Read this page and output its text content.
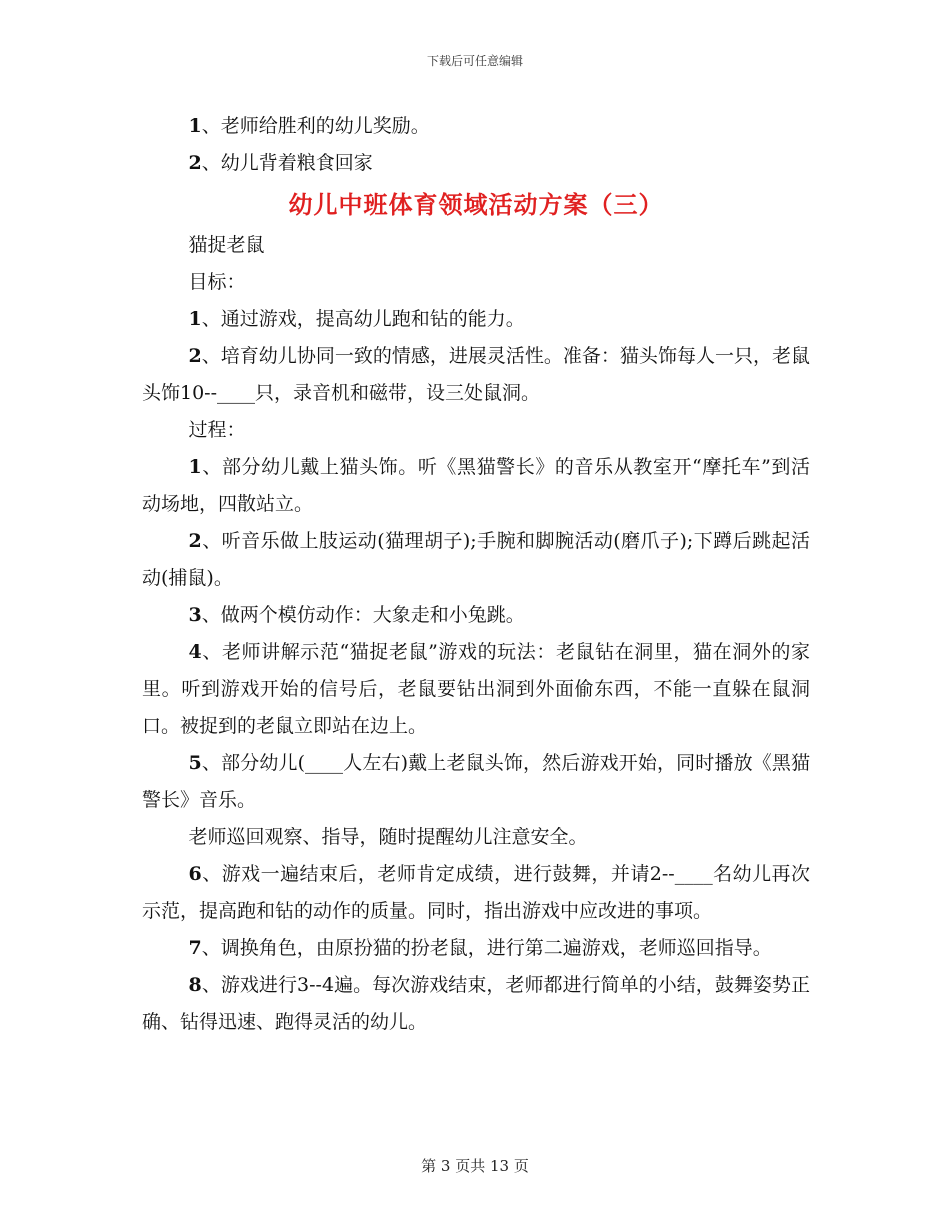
下载后可任意编辑

1、老师给胜利的幼儿奖励。

2、幼儿背着粮食回家

幼儿中班体育领域活动方案（三）

猫捉老鼠

目标：

1、通过游戏，提高幼儿跑和钻的能力。

2、培育幼儿协同一致的情感，进展灵活性。准备：猫头饰每人一只，老鼠头饰10--____只，录音机和磁带，设三处鼠洞。

过程：

1、部分幼儿戴上猫头饰。听《黑猫警长》的音乐从教室开“摩托车”到活动场地，四散站立。

2、听音乐做上肢运动(猫理胡子);手腕和脚腕活动(磨爪子);下蹲后跳起活动(捕鼠)。

3、做两个模仿动作：大象走和小兔跳。

4、老师讲解示范“猫捉老鼠”游戏的玩法：老鼠钻在洞里，猫在洞外的家里。听到游戏开始的信号后，老鼠要钻出洞到外面偷东西，不能一直躲在鼠洞口。被捉到的老鼠立即站在边上。

5、部分幼儿(____人左右)戴上老鼠头饰，然后游戏开始，同时播放《黑猫警长》音乐。

老师巡回观察、指导，随时提醒幼儿注意安全。

6、游戏一遍结束后，老师肯定成绩，进行鼓舞，并请2--____名幼儿再次示范，提高跑和钻的动作的质量。同时，指出游戏中应改进的事项。

7、调换角色，由原扮猫的扮老鼠，进行第二遍游戏，老师巡回指导。

8、游戏进行3--4遍。每次游戏结束，老师都进行简单的小结，鼓舞姿势正确、钻得迅速、跑得灵活的幼儿。

第 3 页共 13 页
